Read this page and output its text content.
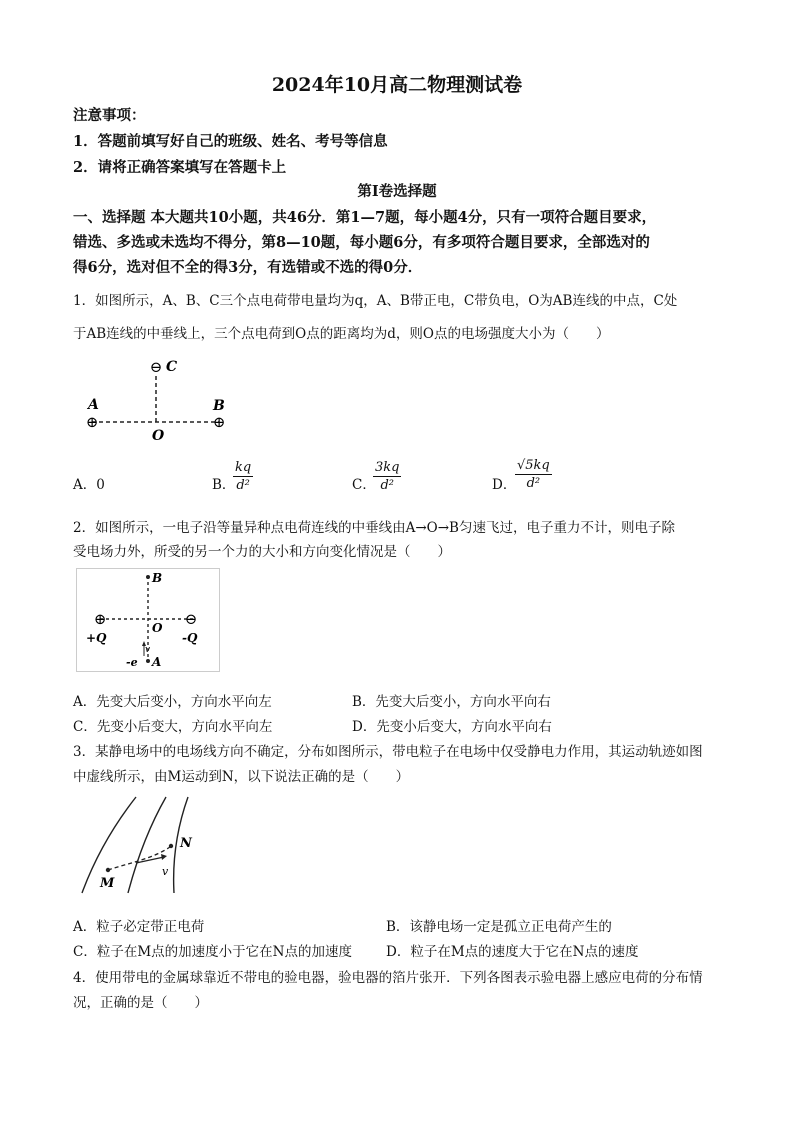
2024年10月高二物理测试卷
注意事项：
1．答题前填写好自己的班级、姓名、考号等信息
2．请将正确答案填写在答题卡上
第I卷选择题
一、选择题 本大题共10小题，共46分．第1—7题，每小题4分，只有一项符合题目要求，
错选、多选或未选均不得分，第8—10题，每小题6分，有多项符合题目要求，全部选对的
得6分，选对但不全的得3分，有选错或不选的得0分．
1．如图所示，A、B、C三个点电荷带电量均为q，A、B带正电，C带负电，O为AB连线的中点，C处
于AB连线的中垂线上，三个点电荷到O点的距离均为d，则O点的电场强度大小为（　　）
⊖ C
⊕
A
⊕
B
O
A．0	B．
$\frac{kq}{\text{d²}}$	C．
$\frac{3kq}{\text{d²}}$	D．
$\frac{√5kq}{\text{d²}}$
2．如图所示，一电子沿等量异种点电荷连线的中垂线由A→O→B匀速飞过，电子重力不计，则电子除
受电场力外，所受的另一个力的大小和方向变化情况是（　　）
⊕	⊖
+Q	-Q
B
O
A
-e
v
A．先变大后变小，方向水平向左	B．先变大后变小，方向水平向右
C．先变小后变大，方向水平向左	D．先变小后变大，方向水平向右
3．某静电场中的电场线方向不确定，分布如图所示，带电粒子在电场中仅受静电力作用，其运动轨迹如图
中虚线所示，由M运动到N，以下说法正确的是（　　）
M
N
v
A．粒子必定带正电荷	B．该静电场一定是孤立正电荷产生的
C．粒子在M点的加速度小于它在N点的加速度	D．粒子在M点的速度大于它在N点的速度
4．使用带电的金属球靠近不带电的验电器，验电器的箔片张开．下列各图表示验电器上感应电荷的分布情
况，正确的是（　　）
